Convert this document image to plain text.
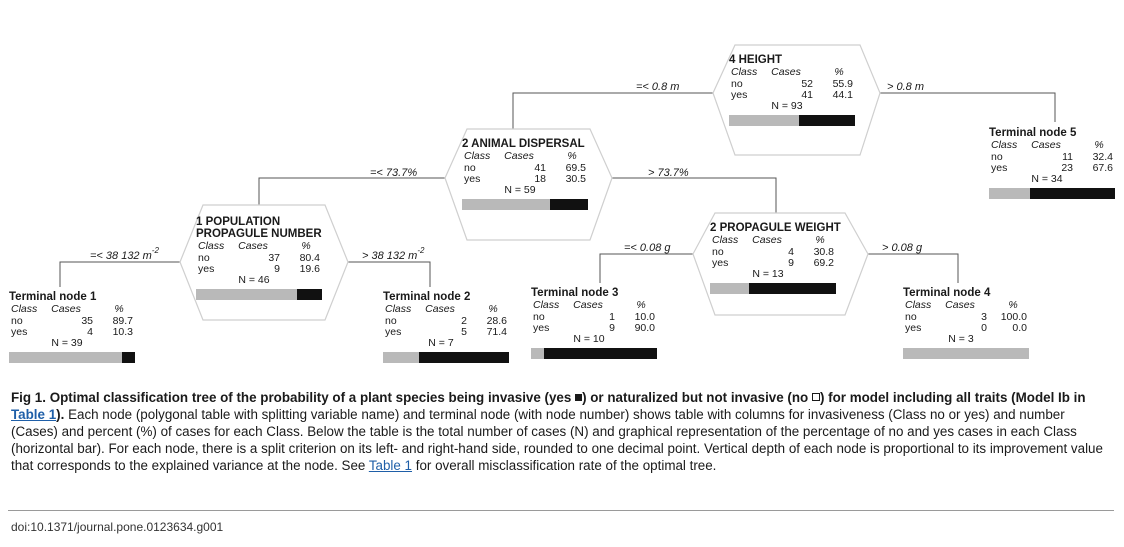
=< 0.8 m	> 0.8 m
=< 73.7%	> 73.7%
=< 38 132 $m^{-2}$	> 38 132 $m^{-2}$	=< 0.08 g	> 0.08 g
4 HEIGHT
Class Cases	%
no	52 55.9
yes	41 44.1
N = 93
2 ANIMAL DISPERSAL
Class Cases	%
no	41 69.5
yes	18 30.5
N = 59
1 POPULATION
PROPAGULE NUMBER
Class Cases	%
no	37 80.4
yes	9 19.6
N = 46
2 PROPAGULE WEIGHT
Class Cases	%
no	4 30.8
yes	9 69.2
N = 13
Terminal node 1
Class Cases	%
no	35 89.7
yes	4 10.3
N = 39
Terminal node 2
Class Cases	%
no	2 28.6
yes	5 71.4
N = 7
Terminal node 3
Class Cases	%
no	1 10.0
yes	9 90.0
N = 10
Terminal node 4
Class Cases	%
no	3 100.0
yes	0 0.0
N = 3
Terminal node 5
Class Cases	%
no	11 32.4
yes	23 67.6
N = 34
Fig 1. Optimal classification tree of the probability of a plant species being invasive (yes ) or naturalized but not invasive (no ) for model including all traits (Model Ib in Table 1). Each node (polygonal table with splitting variable name) and terminal node (with node number) shows table with columns for invasiveness (Class no or yes) and number (Cases) and percent (%) of cases for each Class. Below the table is the total number of cases (N) and graphical representation of the percentage of no and yes cases in each Class (horizontal bar). For each node, there is a split criterion on its left- and right-hand side, rounded to one decimal point. Vertical depth of each node is proportional to its improvement value that corresponds to the explained variance at the node. See Table 1 for overall misclassification rate of the optimal tree.
doi:10.1371/journal.pone.0123634.g001
